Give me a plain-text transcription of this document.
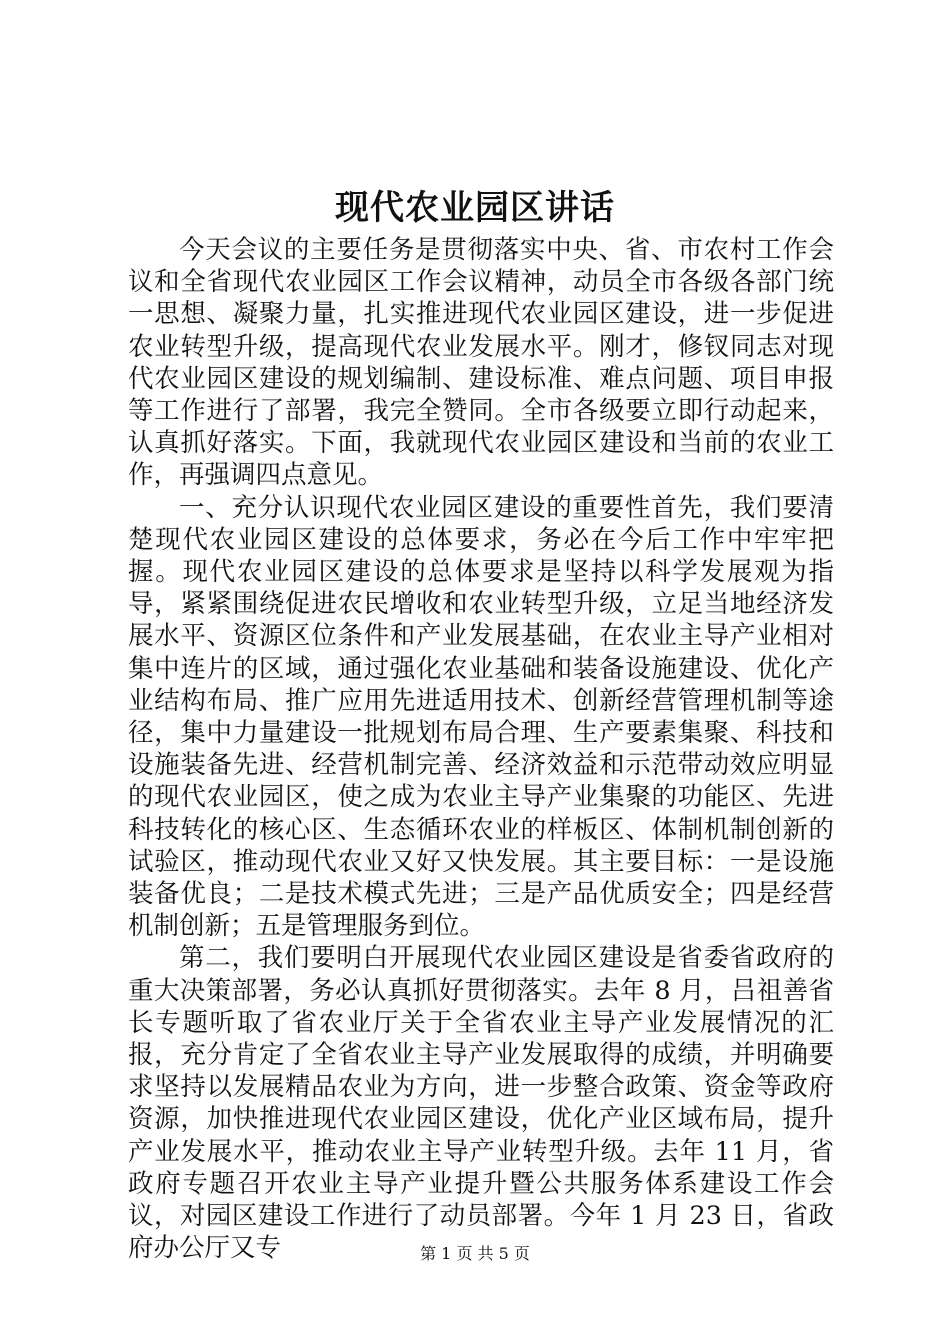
现代农业园区讲话

今天会议的主要任务是贯彻落实中央、省、市农村工作会议和全省现代农业园区工作会议精神，动员全市各级各部门统一思想、凝聚力量，扎实推进现代农业园区建设，进一步促进农业转型升级，提高现代农业发展水平。刚才，修钗同志对现代农业园区建设的规划编制、建设标准、难点问题、项目申报等工作进行了部署，我完全赞同。全市各级要立即行动起来，认真抓好落实。下面，我就现代农业园区建设和当前的农业工作，再强调四点意见。

一、充分认识现代农业园区建设的重要性首先，我们要清楚现代农业园区建设的总体要求，务必在今后工作中牢牢把握。现代农业园区建设的总体要求是坚持以科学发展观为指导，紧紧围绕促进农民增收和农业转型升级，立足当地经济发展水平、资源区位条件和产业发展基础，在农业主导产业相对集中连片的区域，通过强化农业基础和装备设施建设、优化产业结构布局、推广应用先进适用技术、创新经营管理机制等途径，集中力量建设一批规划布局合理、生产要素集聚、科技和设施装备先进、经营机制完善、经济效益和示范带动效应明显的现代农业园区，使之成为农业主导产业集聚的功能区、先进科技转化的核心区、生态循环农业的样板区、体制机制创新的试验区，推动现代农业又好又快发展。其主要目标：一是设施装备优良；二是技术模式先进；三是产品优质安全；四是经营机制创新；五是管理服务到位。

第二，我们要明白开展现代农业园区建设是省委省政府的重大决策部署，务必认真抓好贯彻落实。去年 8 月，吕祖善省长专题听取了省农业厅关于全省农业主导产业发展情况的汇报，充分肯定了全省农业主导产业发展取得的成绩，并明确要求坚持以发展精品农业为方向，进一步整合政策、资金等政府资源，加快推进现代农业园区建设，优化产业区域布局，提升产业发展水平，推动农业主导产业转型升级。去年 11 月，省政府专题召开农业主导产业提升暨公共服务体系建设工作会议，对园区建设工作进行了动员部署。今年 1 月 23 日，省政府办公厅又专	第 1 页 共 5 页
